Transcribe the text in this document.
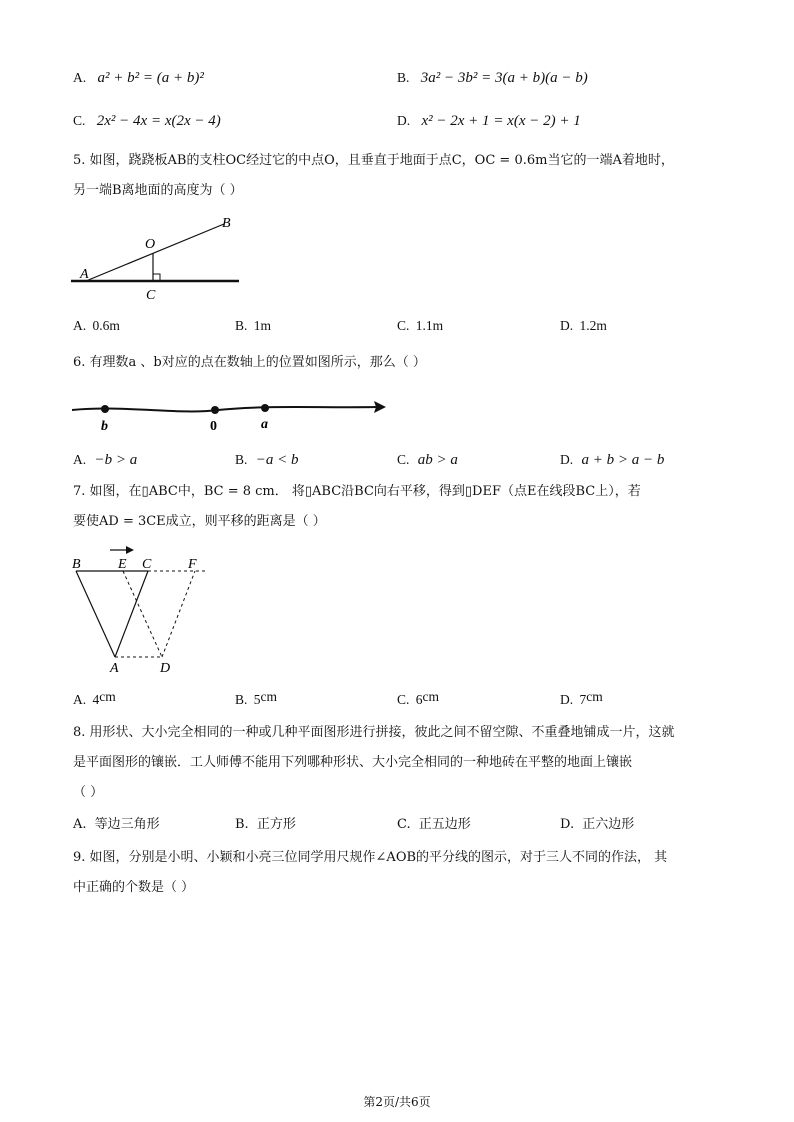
A. a² + b² = (a + b)²	B. 3a² − 3b² = 3(a + b)(a − b)
C. 2x² − 4x = x(2x − 4)	D. x² − 2x + 1 = x(x − 2) + 1
5. 如图，跷跷板AB的支柱OC经过它的中点O，且垂直于地面于点C，OC = 0.6m当它的一端A着地时，
另一端B离地面的高度为（ ）
A
B
O
C
A. 0.6m	B. 1m	C. 1.1m	D. 1.2m
6. 有理数a 、b对应的点在数轴上的位置如图所示，那么（ ）
b	0	a
A. −b > a	B. −a < b	C. ab > a	D. a + b > a − b
7. 如图，在▯ABC中，BC = 8 cm． 将▯ABC沿BC向右平移，得到▯DEF（点E在线段BC上），若
要使AD = 3CE成立，则平移的距离是（ ）
B	E C	F
A	D
A. 4cm	B. 5cm	C. 6cm	D. 7cm
8. 用形状、大小完全相同的一种或几种平面图形进行拼接，彼此之间不留空隙、不重叠地铺成一片，这就
是平面图形的镶嵌．工人师傅不能用下列哪种形状、大小完全相同的一种地砖在平整的地面上镶嵌
（ ）
A. 等边三角形	B. 正方形	C. 正五边形	D. 正六边形
9. 如图，分别是小明、小颖和小亮三位同学用尺规作∠AOB的平分线的图示，对于三人不同的作法， 其
中正确的个数是（ ）
第2页/共6页
